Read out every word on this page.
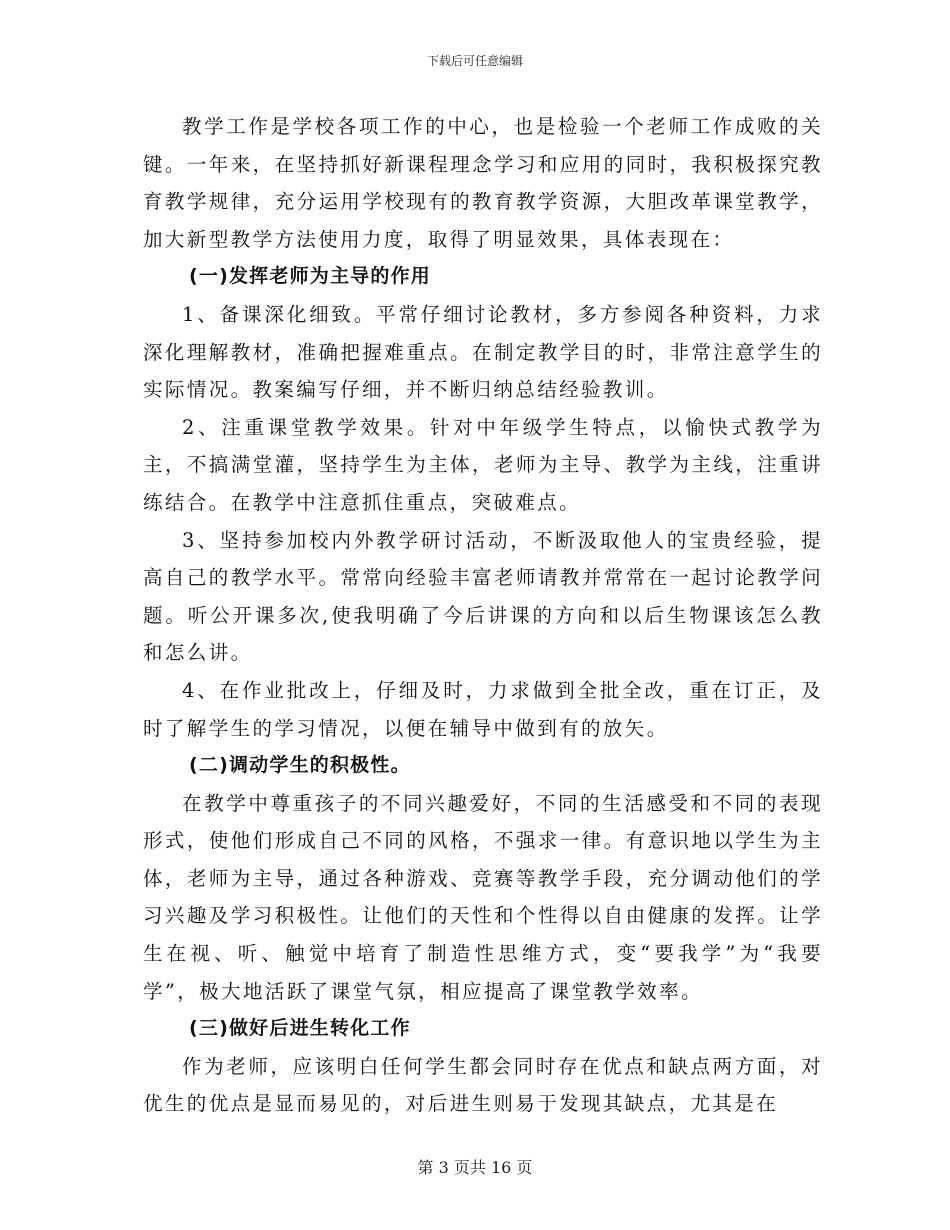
下载后可任意编辑

教学工作是学校各项工作的中心，也是检验一个老师工作成败的关键。一年来，在坚持抓好新课程理念学习和应用的同时，我积极探究教育教学规律，充分运用学校现有的教育教学资源，大胆改革课堂教学，加大新型教学方法使用力度，取得了明显效果，具体表现在：

(一)发挥老师为主导的作用

1、备课深化细致。平常仔细讨论教材，多方参阅各种资料，力求深化理解教材，准确把握难重点。在制定教学目的时，非常注意学生的实际情况。教案编写仔细，并不断归纳总结经验教训。

2、注重课堂教学效果。针对中年级学生特点，以愉快式教学为主，不搞满堂灌，坚持学生为主体，老师为主导、教学为主线，注重讲练结合。在教学中注意抓住重点，突破难点。

3、坚持参加校内外教学研讨活动，不断汲取他人的宝贵经验，提高自己的教学水平。常常向经验丰富老师请教并常常在一起讨论教学问题。听公开课多次,使我明确了今后讲课的方向和以后生物课该怎么教和怎么讲。

4、在作业批改上，仔细及时，力求做到全批全改，重在订正，及时了解学生的学习情况，以便在辅导中做到有的放矢。

(二)调动学生的积极性。

在教学中尊重孩子的不同兴趣爱好，不同的生活感受和不同的表现形式，使他们形成自己不同的风格，不强求一律。有意识地以学生为主体，老师为主导，通过各种游戏、竞赛等教学手段，充分调动他们的学习兴趣及学习积极性。让他们的天性和个性得以自由健康的发挥。让学生在视、听、触觉中培育了制造性思维方式，变“要我学”为“我要学”，极大地活跃了课堂气氛，相应提高了课堂教学效率。

(三)做好后进生转化工作

作为老师，应该明白任何学生都会同时存在优点和缺点两方面，对优生的优点是显而易见的，对后进生则易于发现其缺点，尤其是在

第 3 页共 16 页
